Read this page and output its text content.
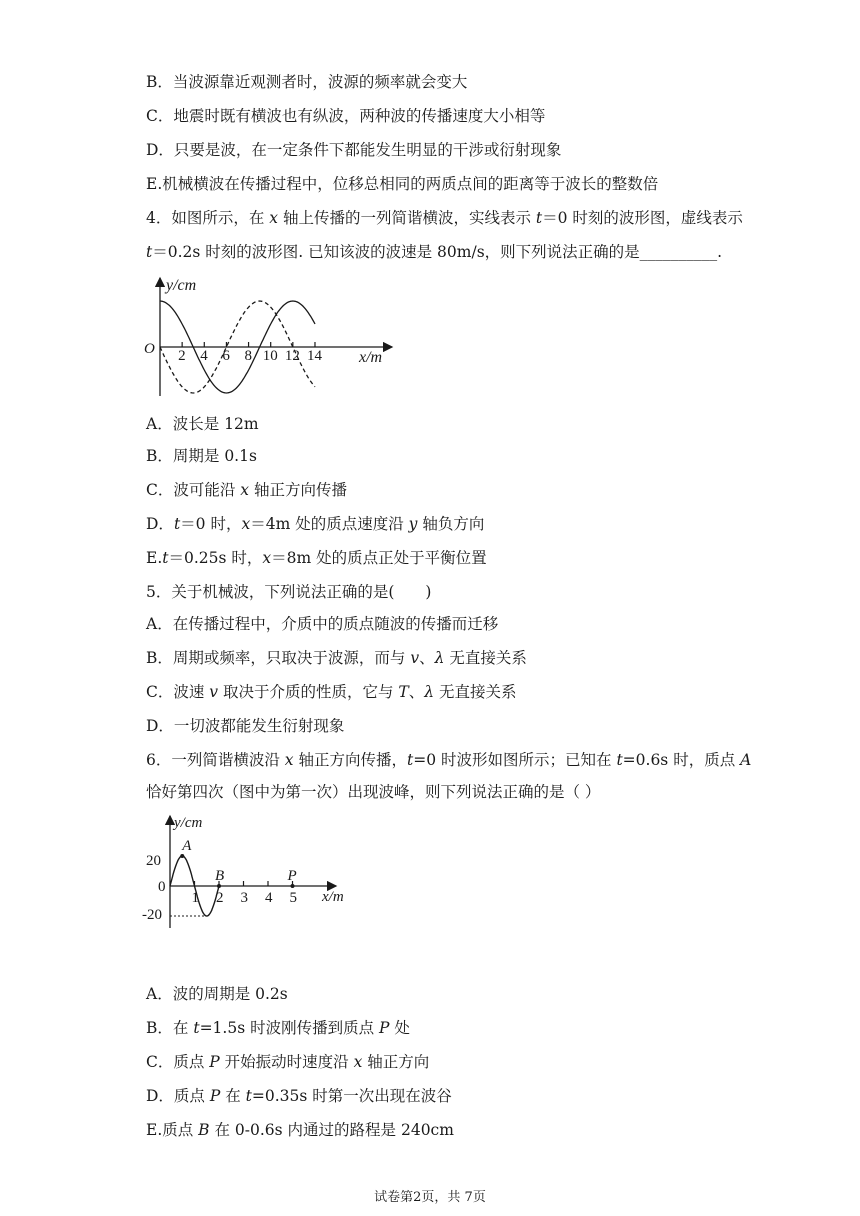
B．当波源靠近观测者时，波源的频率就会变大
C．地震时既有横波也有纵波，两种波的传播速度大小相等
D．只要是波，在一定条件下都能发生明显的干涉或衍射现象
E.机械横波在传播过程中，位移总相同的两质点间的距离等于波长的整数倍
4．如图所示，在 x 轴上传播的一列简谐横波，实线表示 t＝0 时刻的波形图，虚线表示
t＝0.2s 时刻的波形图. 已知该波的波速是 80m/s，则下列说法正确的是__________.
y/cm
x/m
O 2 4 6 8 10 12 14
A．波长是 12m
B．周期是 0.1s
C．波可能沿 x 轴正方向传播
D．t＝0 时，x＝4m 处的质点速度沿 y 轴负方向
E.t＝0.25s 时，x＝8m 处的质点正处于平衡位置
5．关于机械波，下列说法正确的是(　　)
A．在传播过程中，介质中的质点随波的传播而迁移
B．周期或频率，只取决于波源，而与 v、λ 无直接关系
C．波速 v 取决于介质的性质，它与 T、λ 无直接关系
D．一切波都能发生衍射现象
6．一列简谐横波沿 x 轴正方向传播，t=0 时波形如图所示；已知在 t=0.6s 时，质点 A
恰好第四次（图中为第一次）出现波峰，则下列说法正确的是（ ）
y/cm
x/m
0
20
-20
1 2 3 4 5
A
B	P
A．波的周期是 0.2s
B．在 t=1.5s 时波刚传播到质点 P 处
C．质点 P 开始振动时速度沿 x 轴正方向
D．质点 P 在 t=0.35s 时第一次出现在波谷
E.质点 B 在 0-0.6s 内通过的路程是 240cm
试卷第2页，共 7页
